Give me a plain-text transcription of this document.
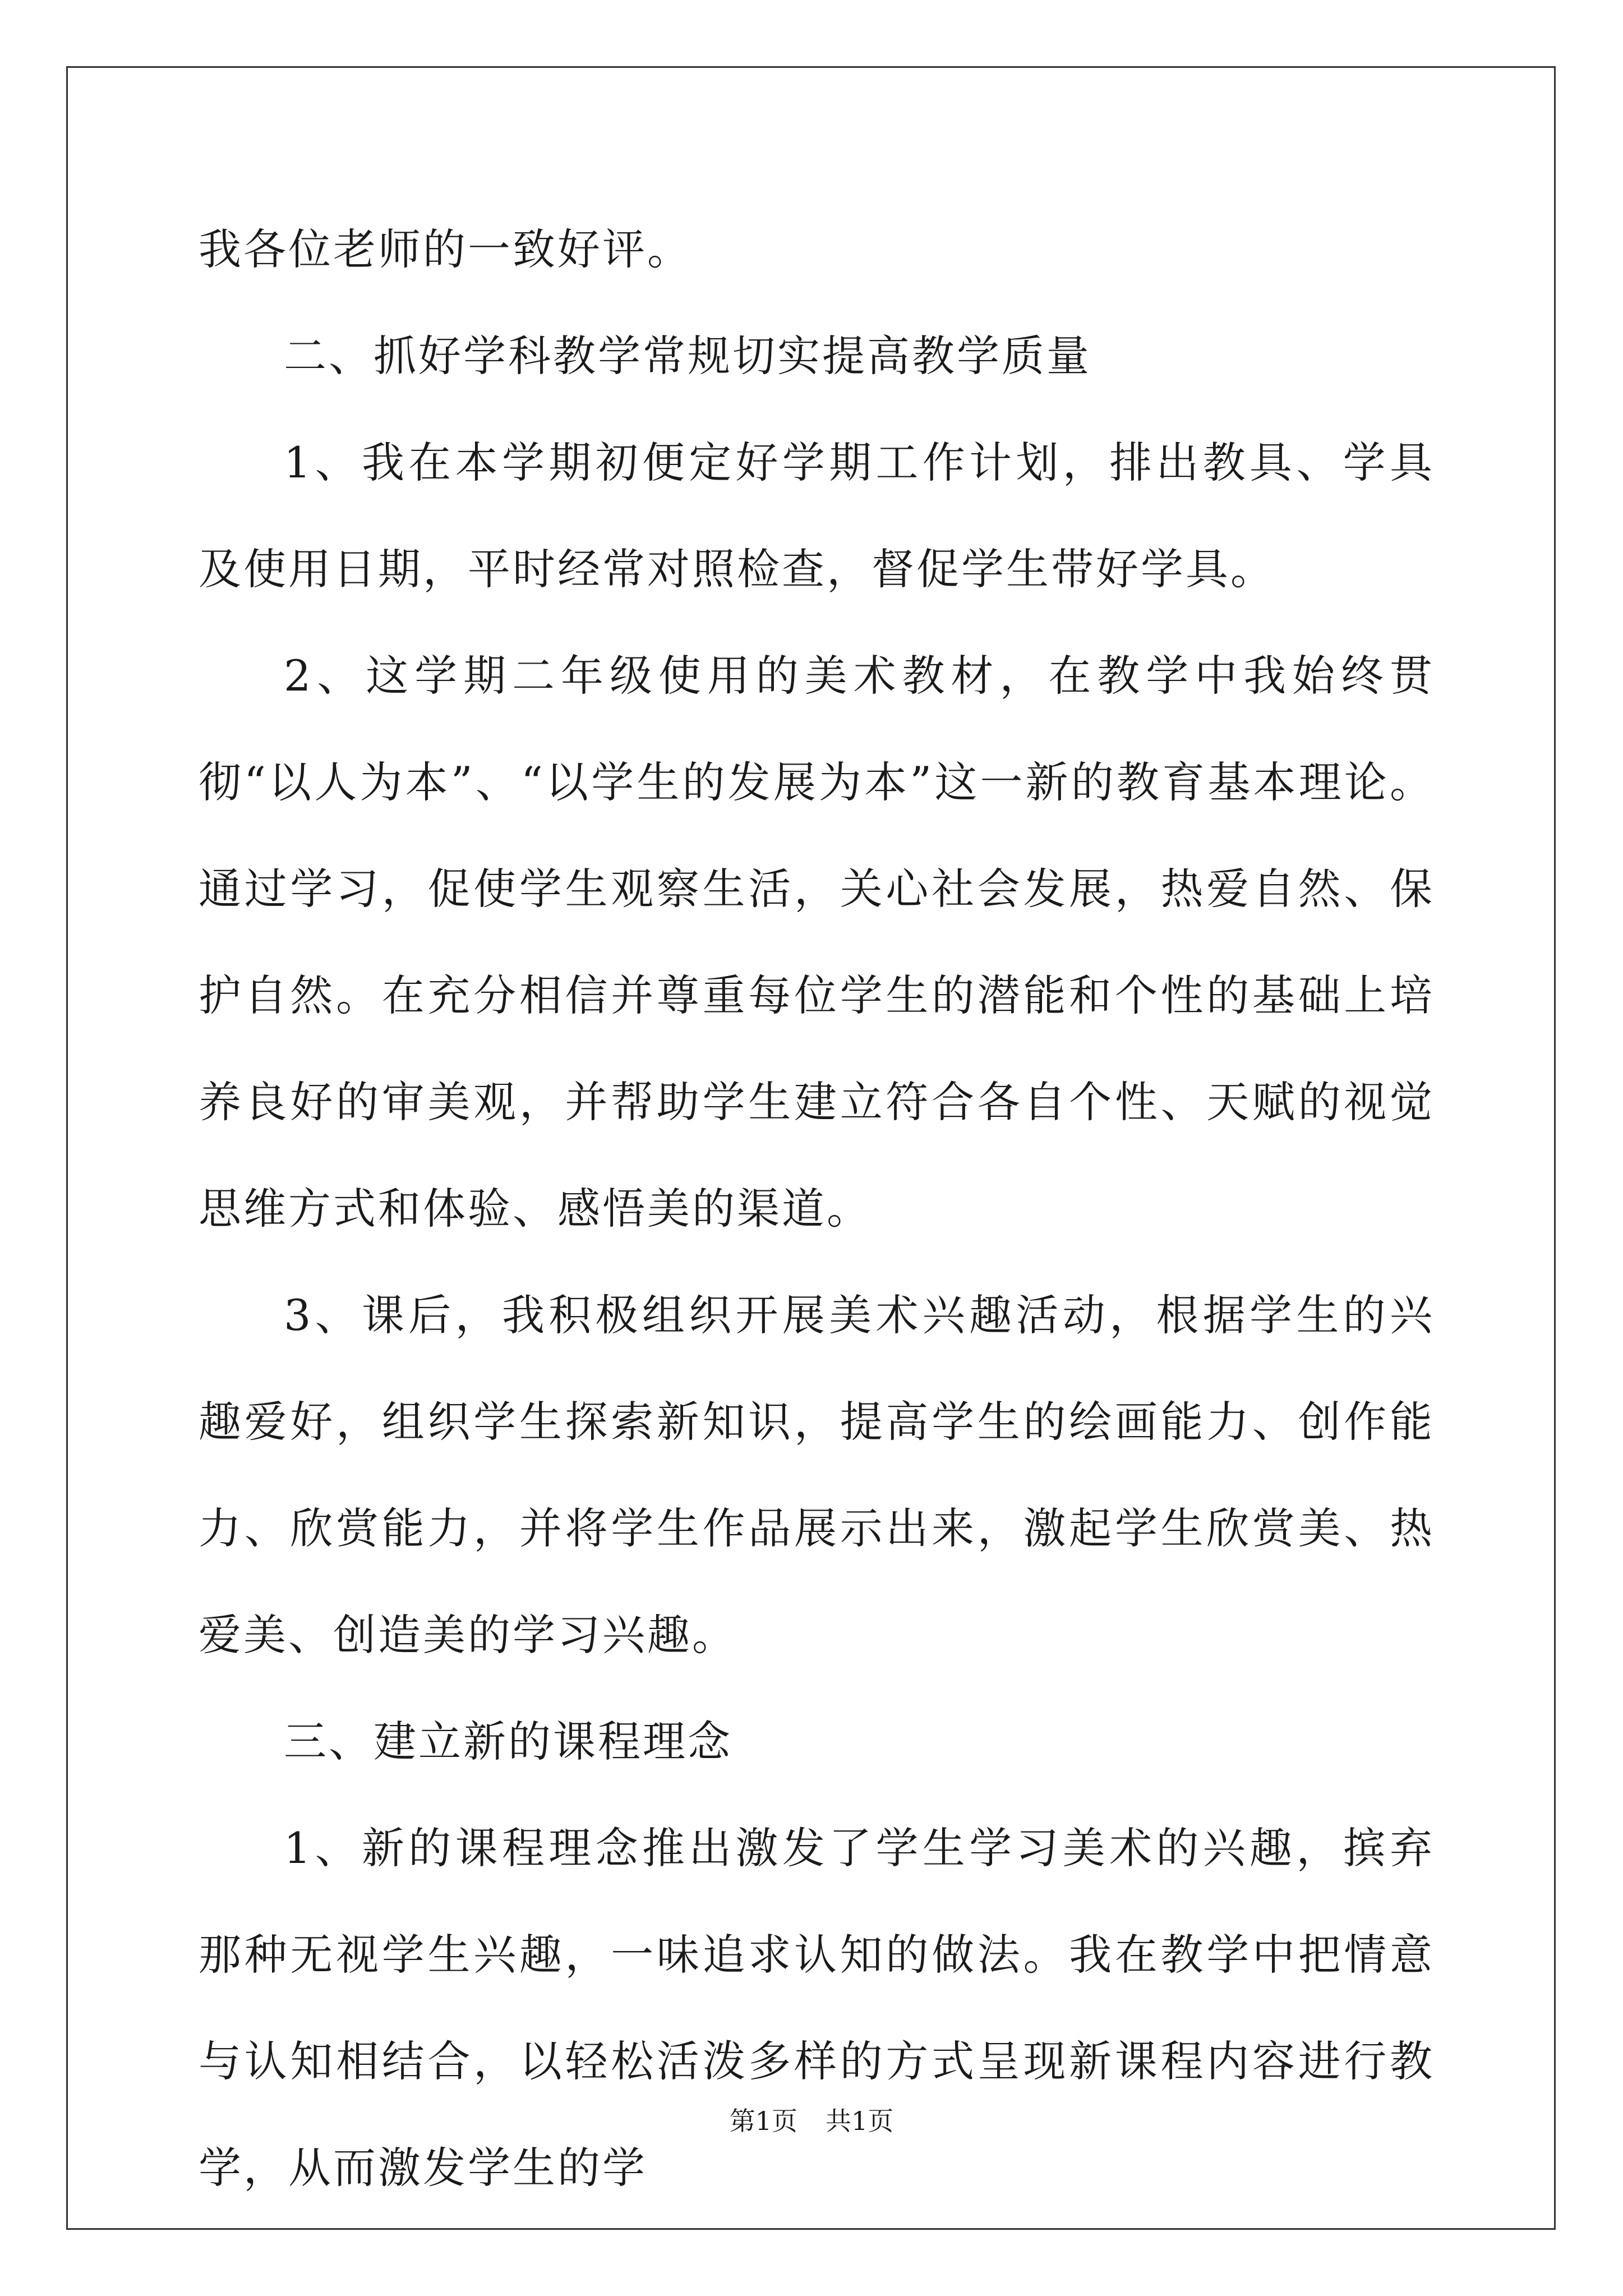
我各位老师的一致好评。

二、抓好学科教学常规切实提高教学质量

1、我在本学期初便定好学期工作计划，排出教具、学具及使用日期，平时经常对照检查，督促学生带好学具。

2、这学期二年级使用的美术教材，在教学中我始终贯彻“以人为本”、“以学生的发展为本”这一新的教育基本理论。通过学习，促使学生观察生活，关心社会发展，热爱自然、保护自然。在充分相信并尊重每位学生的潜能和个性的基础上培养良好的审美观，并帮助学生建立符合各自个性、天赋的视觉思维方式和体验、感悟美的渠道。

3、课后，我积极组织开展美术兴趣活动，根据学生的兴趣爱好，组织学生探索新知识，提高学生的绘画能力、创作能力、欣赏能力，并将学生作品展示出来，激起学生欣赏美、热爱美、创造美的学习兴趣。

三、建立新的课程理念

1、新的课程理念推出激发了学生学习美术的兴趣，摈弃那种无视学生兴趣，一味追求认知的做法。我在教学中把情意与认知相结合，以轻松活泼多样的方式呈现新课程内容进行教学，从而激发学生的学

第1页 共1页
